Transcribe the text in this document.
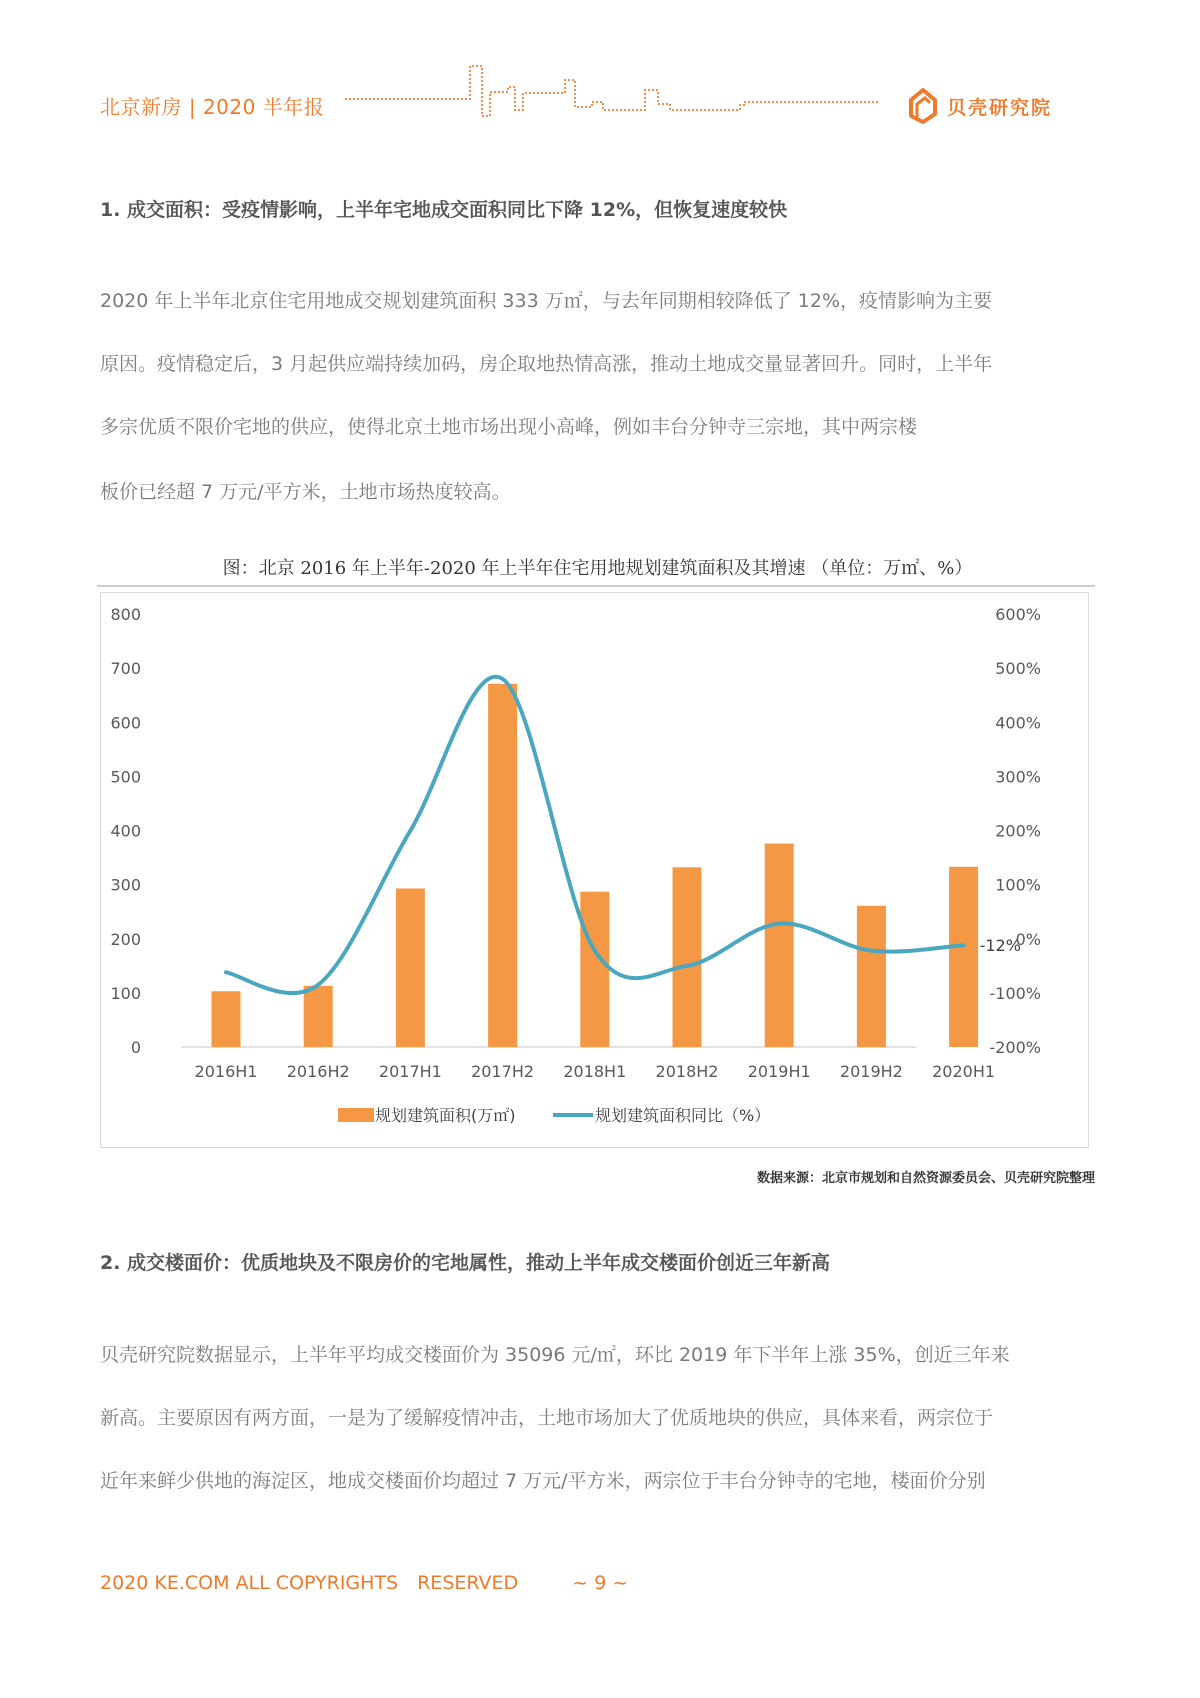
北京新房 | 2020 半年报	贝壳研究院
1. 成交面积：受疫情影响，上半年宅地成交面积同比下降 12%，但恢复速度较快
2020 年上半年北京住宅用地成交规划建筑面积 333 万㎡，与去年同期相较降低了 12%，疫情影响为主要
原因。疫情稳定后，3 月起供应端持续加码，房企取地热情高涨，推动土地成交量显著回升。同时，上半年
多宗优质不限价宅地的供应，使得北京土地市场出现小高峰，例如丰台分钟寺三宗地，其中两宗楼
板价已经超 7 万元/平方米，土地市场热度较高。
图：北京 2016 年上半年-2020 年上半年住宅用地规划建筑面积及其增速 （单位：万㎡、%）
800
700
600
500
400
300
200
100
0
600%
500%
400%
300%
200%
100%
0%
-100%
-200%
2016H1 2016H2 2017H1 2017H2 2018H1 2018H2 2019H1 2019H2 2020H1
-12%
规划建筑面积(万㎡)	规划建筑面积同比（%）
数据来源：北京市规划和自然资源委员会、贝壳研究院整理
2. 成交楼面价：优质地块及不限房价的宅地属性，推动上半年成交楼面价创近三年新高
贝壳研究院数据显示，上半年平均成交楼面价为 35096 元/㎡，环比 2019 年下半年上涨 35%，创近三年来
新高。主要原因有两方面，一是为了缓解疫情冲击，土地市场加大了优质地块的供应，具体来看，两宗位于
近年来鲜少供地的海淀区，地成交楼面价均超过 7 万元/平方米，两宗位于丰台分钟寺的宅地，楼面价分别
2020 KE.COM ALL COPYRIGHTS　RESERVED	~ 9 ~
